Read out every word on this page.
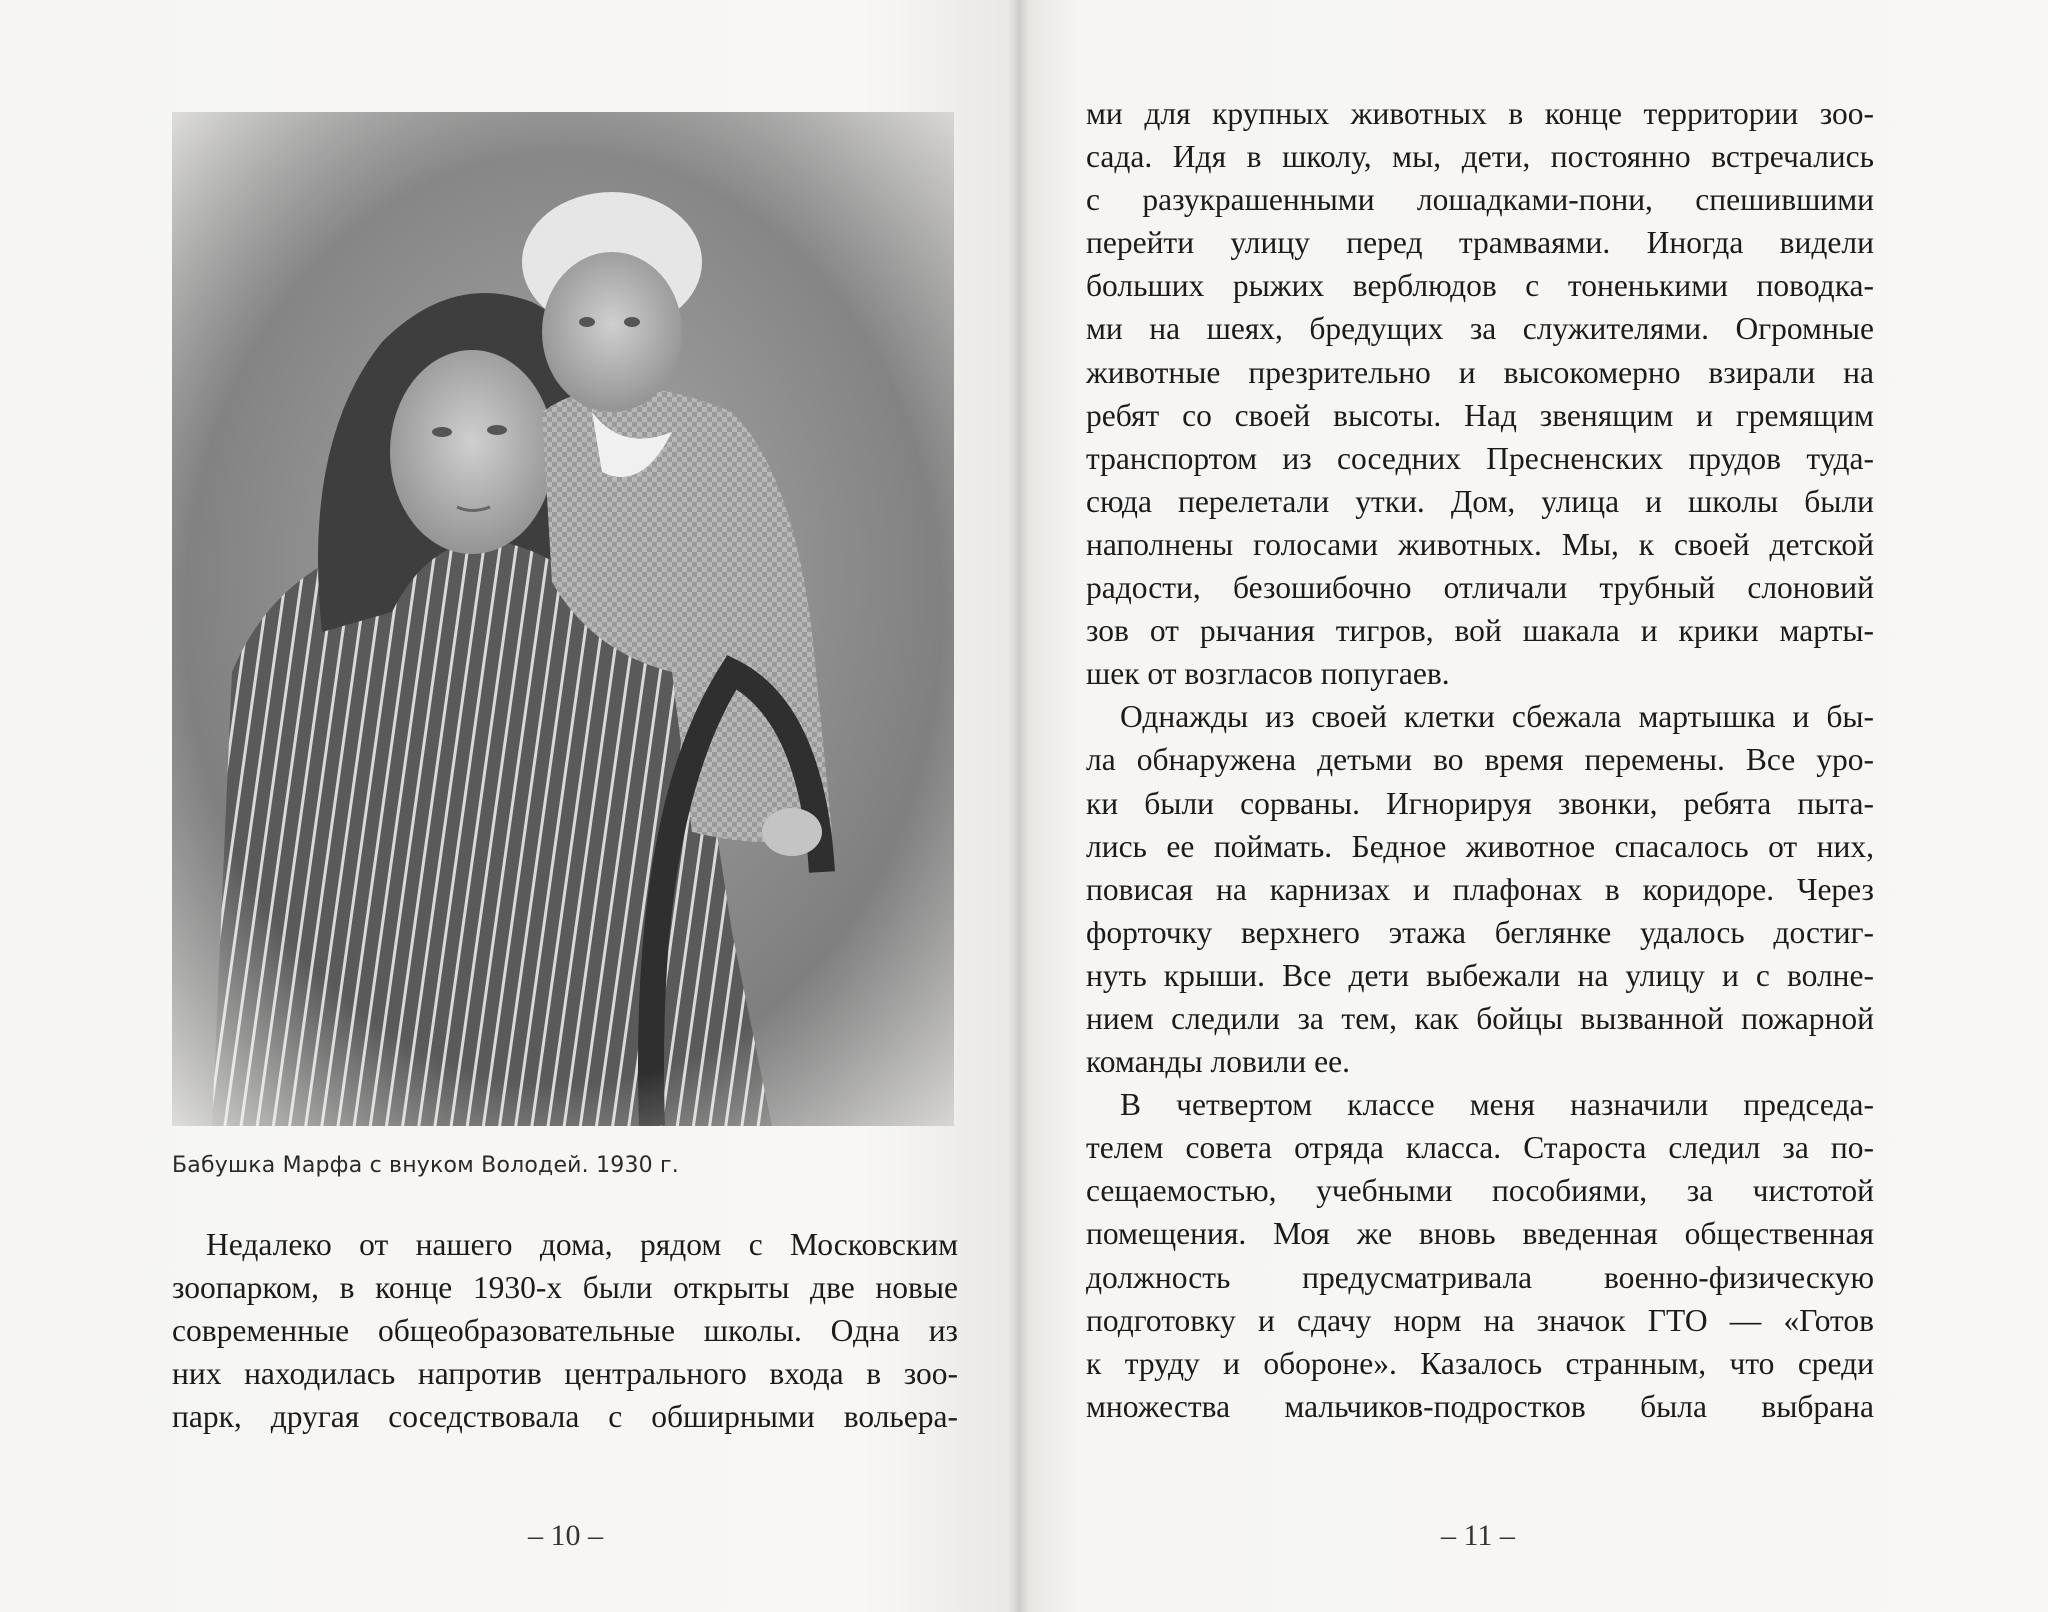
Бабушка Марфа с внуком Володей. 1930 г.
Недалеко от нашего дома, рядом с Московским
зоопарком, в конце 1930-х были открыты две новые
современные общеобразовательные школы. Одна из
них находилась напротив центрального входа в зоо-
парк, другая соседствовала с обширными вольера-
– 10 –
ми для крупных животных в конце территории зоо-
сада. Идя в школу, мы, дети, постоянно встречались
с разукрашенными лошадками-пони, спешившими
перейти улицу перед трамваями. Иногда видели
больших рыжих верблюдов с тоненькими поводка-
ми на шеях, бредущих за служителями. Огромные
животные презрительно и высокомерно взирали на
ребят со своей высоты. Над звенящим и гремящим
транспортом из соседних Пресненских прудов туда-
сюда перелетали утки. Дом, улица и школы были
наполнены голосами животных. Мы, к своей детской
радости, безошибочно отличали трубный слоновий
зов от рычания тигров, вой шакала и крики марты-
шек от возгласов попугаев.
Однажды из своей клетки сбежала мартышка и бы-
ла обнаружена детьми во время перемены. Все уро-
ки были сорваны. Игнорируя звонки, ребята пыта-
лись ее поймать. Бедное животное спасалось от них,
повисая на карнизах и плафонах в коридоре. Через
форточку верхнего этажа беглянке удалось достиг-
нуть крыши. Все дети выбежали на улицу и с волне-
нием следили за тем, как бойцы вызванной пожарной
команды ловили ее.
В четвертом классе меня назначили председа-
телем совета отряда класса. Староста следил за по-
сещаемостью, учебными пособиями, за чистотой
помещения. Моя же вновь введенная общественная
должность предусматривала военно-физическую
подготовку и сдачу норм на значок ГТО — «Готов
к труду и обороне». Казалось странным, что среди
множества мальчиков-подростков была выбрана
– 11 –
